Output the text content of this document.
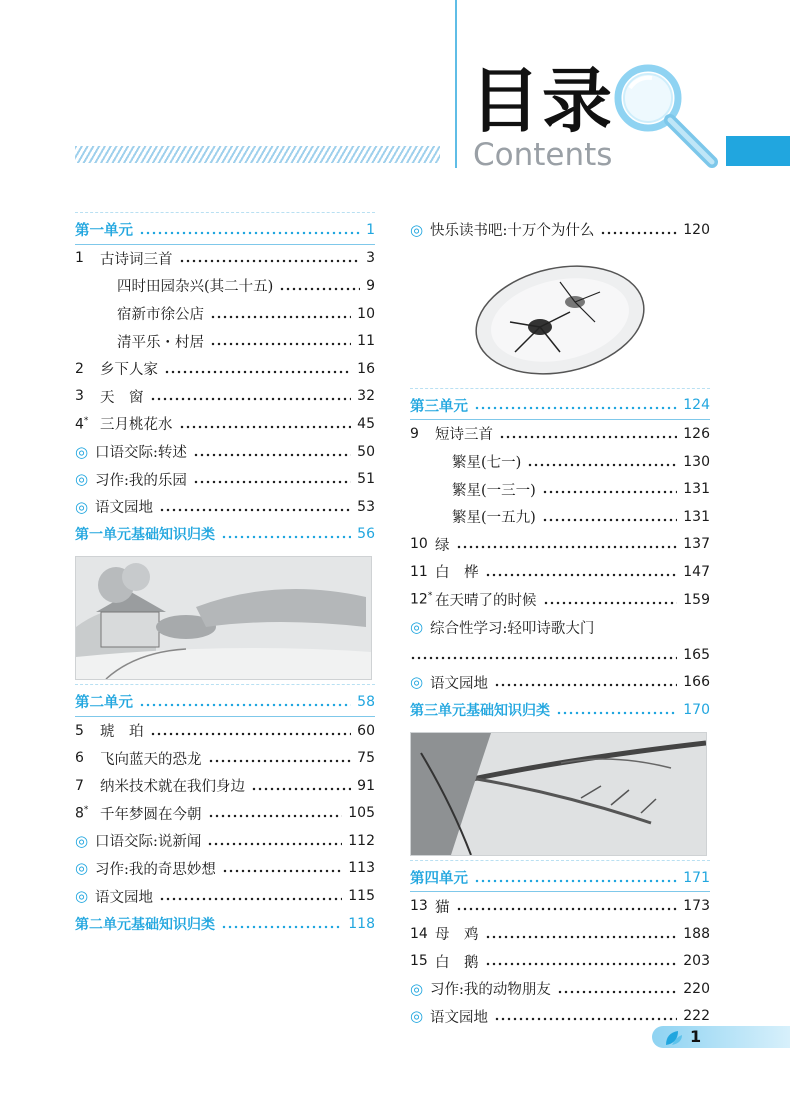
目录
Contents
第一单元	1
1	古诗词三首	3
四时田园杂兴(其二十五)	9
宿新市徐公店	10
清平乐・村居	11
2	乡下人家	16
3	天　窗	32
4* 三月桃花水	45
◎ 口语交际:转述	50
◎ 习作:我的乐园	51
◎ 语文园地	53
第一单元基础知识归类	56
第二单元	58
5	琥　珀	60
6	飞向蓝天的恐龙	75
7	纳米技术就在我们身边	91
8* 千年梦圆在今朝	105
◎ 口语交际:说新闻	112
◎ 习作:我的奇思妙想	113
◎ 语文园地	115
第二单元基础知识归类	118
◎ 快乐读书吧:十万个为什么	120
第三单元	124
9	短诗三首	126
繁星(七一)	130
繁星(一三一)	131
繁星(一五九)	131
10 绿	137
11 白　桦	147
12* 在天晴了的时候	159
◎ 综合性学习:轻叩诗歌大门
165
◎ 语文园地	166
第三单元基础知识归类	170
第四单元	171
13 猫	173
14 母　鸡	188
15 白　鹅	203
◎ 习作:我的动物朋友	220
◎ 语文园地	222
1
